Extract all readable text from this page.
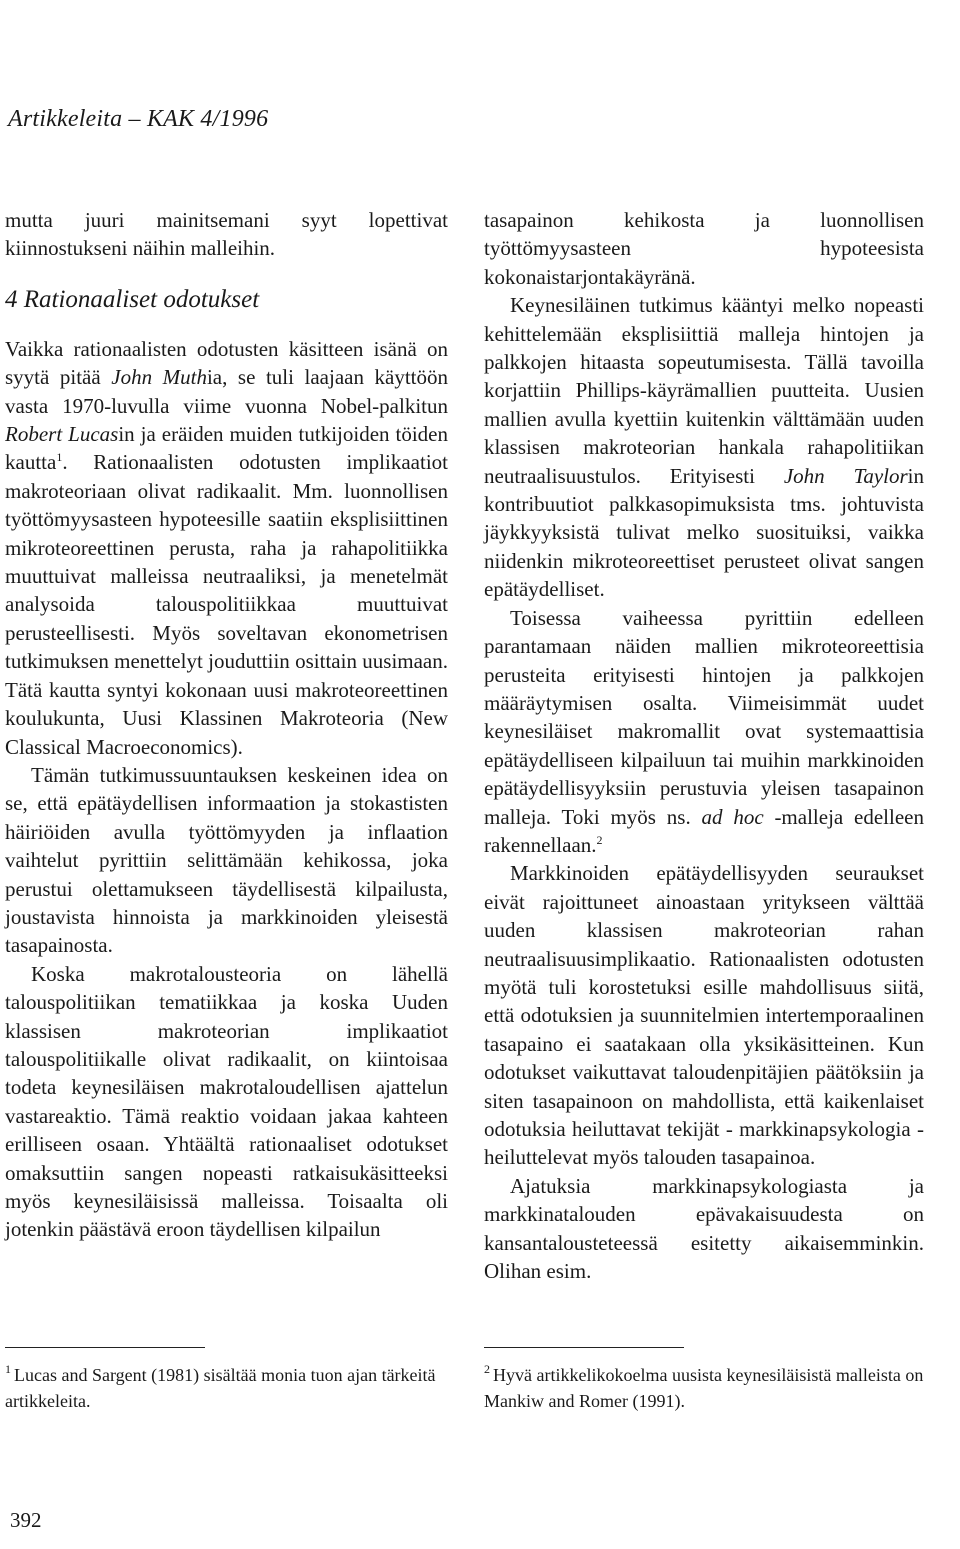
Artikkeleita – KAK 4/1996

mutta juuri mainitsemani syyt lopettivat kiinnostukseni näihin malleihin.

4 Rationaaliset odotukset

Vaikka rationaalisten odotusten käsitteen isänä on syytä pitää John Muthia, se tuli laajaan käyttöön vasta 1970-luvulla viime vuonna Nobel-palkitun Robert Lucasin ja eräiden muiden tutkijoiden töiden kautta$^1$. Rationaalisten odotusten implikaatiot makroteoriaan olivat radikaalit. Mm. luonnollisen työttömyysasteen hypoteesille saatiin eksplisiittinen mikroteoreettinen perusta, raha ja rahapolitiikka muuttuivat malleissa neutraaliksi, ja menetelmät analysoida talouspolitiikkaa muuttuivat perusteellisesti. Myös soveltavan ekonometrisen tutkimuksen menettelyt jouduttiin osittain uusimaan. Tätä kautta syntyi kokonaan uusi makroteoreettinen koulukunta, Uusi Klassinen Makroteoria (New Classical Macroeconomics).

Tämän tutkimussuuntauksen keskeinen idea on se, että epätäydellisen informaation ja stokastisten häiriöiden avulla työttömyyden ja inflaation vaihtelut pyrittiin selittämään kehikossa, joka perustui olettamukseen täydellisestä kilpailusta, joustavista hinnoista ja markkinoiden yleisestä tasapainosta.

Koska makrotalousteoria on lähellä talouspolitiikan tematiikkaa ja koska Uuden klassisen makroteorian implikaatiot talouspolitiikalle olivat radikaalit, on kiintoisaa todeta keynesiläisen makrotaloudellisen ajattelun vastareaktio. Tämä reaktio voidaan jakaa kahteen erilliseen osaan. Yhtäältä rationaaliset odotukset omaksuttiin sangen nopeasti ratkaisukäsitteeksi myös keynesiläisissä malleissa. Toisaalta oli jotenkin päästävä eroon täydellisen kilpailun

tasapainon kehikosta ja luonnollisen työttömyysasteen hypoteesista kokonaistarjontakäyränä.

Keynesiläinen tutkimus kääntyi melko nopeasti kehittelemään eksplisiittiä malleja hintojen ja palkkojen hitaasta sopeutumisesta. Tällä tavoilla korjattiin Phillips-käyrämallien puutteita. Uusien mallien avulla kyettiin kuitenkin välttämään uuden klassisen makroteorian hankala rahapolitiikan neutraalisuustulos. Erityisesti John Taylorin kontribuutiot palkkasopimuksista tms. johtuvista jäykkyyksistä tulivat melko suosituiksi, vaikka niidenkin mikroteoreettiset perusteet olivat sangen epätäydelliset.

Toisessa vaiheessa pyrittiin edelleen parantamaan näiden mallien mikroteoreettisia perusteita erityisesti hintojen ja palkkojen määräytymisen osalta. Viimeisimmät uudet keynesiläiset makromallit ovat systemaattisia epätäydelliseen kilpailuun tai muihin markkinoiden epätäydellisyyksiin perustuvia yleisen tasapainon malleja. Toki myös ns. ad hoc -malleja edelleen rakennellaan.$^2$

Markkinoiden epätäydellisyyden seuraukset eivät rajoittuneet ainoastaan yritykseen välttää uuden klassisen makroteorian rahan neutraalisuusimplikaatio. Rationaalisten odotusten myötä tuli korostetuksi esille mahdollisuus siitä, että odotuksien ja suunnitelmien intertemporaalinen tasapaino ei saatakaan olla yksikäsitteinen. Kun odotukset vaikuttavat taloudenpitäjien päätöksiin ja siten tasapainoon on mahdollista, että kaikenlaiset odotuksia heiluttavat tekijät - markkinapsykologia - heiluttelevat myös talouden tasapainoa.

Ajatuksia markkinapsykologiasta ja markkinatalouden epävakaisuudesta on kansantalousteteessä esitetty aikaisemminkin. Olihan esim.

$^1$ Lucas and Sargent (1981) sisältää monia tuon ajan tärkeitä artikkeleita.
$^2$ Hyvä artikkelikokoelma uusista keynesiläisistä malleista on Mankiw and Romer (1991).
392
